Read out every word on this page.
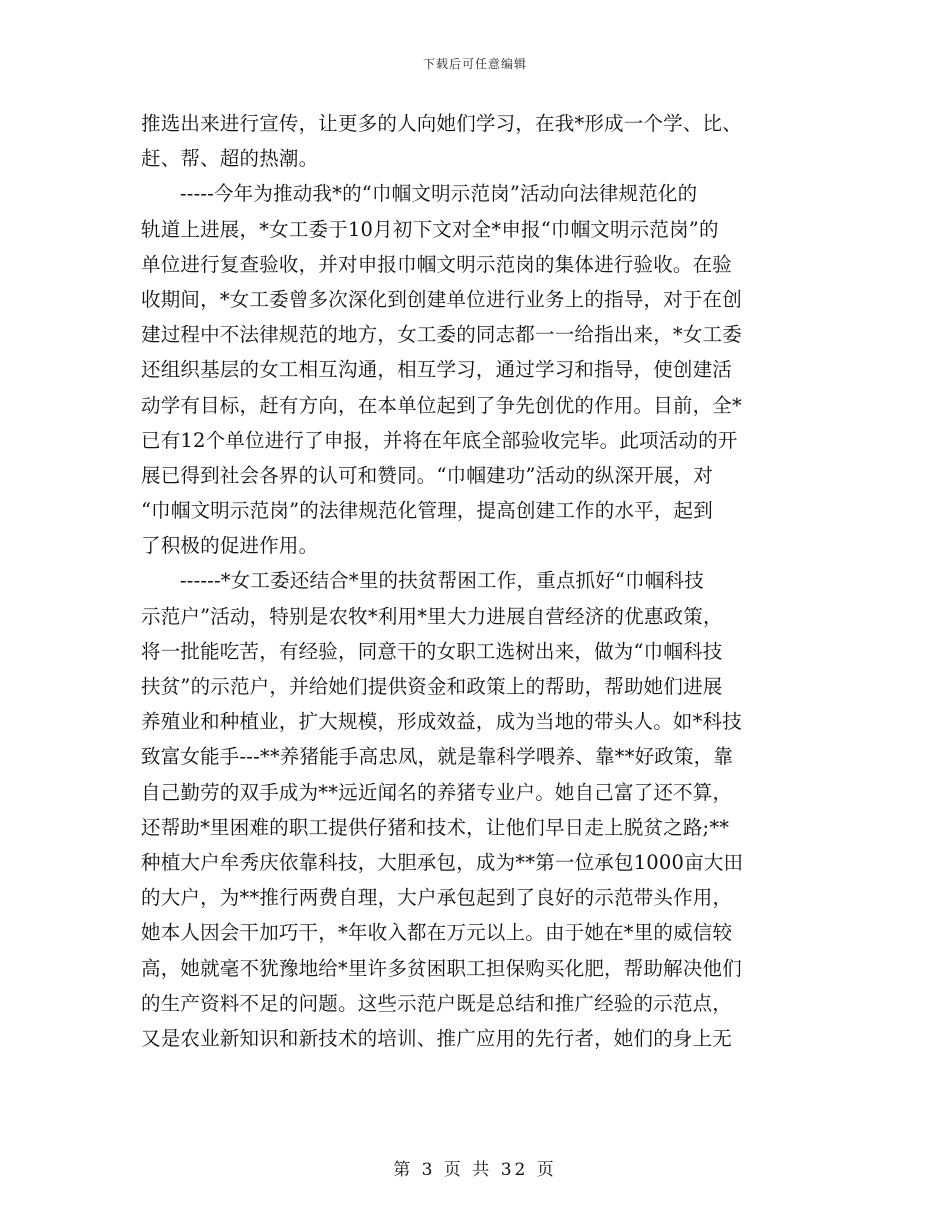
下载后可任意编辑
推选出来进行宣传，让更多的人向她们学习，在我*形成一个学、比、
赶、帮、超的热潮。
-----今年为推动我*的“巾帼文明示范岗”活动向法律规范化的
轨道上进展，*女工委于10月初下文对全*申报“巾帼文明示范岗”的
单位进行复查验收，并对申报巾帼文明示范岗的集体进行验收。在验
收期间，*女工委曾多次深化到创建单位进行业务上的指导，对于在创
建过程中不法律规范的地方，女工委的同志都一一给指出来，*女工委
还组织基层的女工相互沟通，相互学习，通过学习和指导，使创建活
动学有目标，赶有方向，在本单位起到了争先创优的作用。目前，全*
已有12个单位进行了申报，并将在年底全部验收完毕。此项活动的开
展已得到社会各界的认可和赞同。“巾帼建功”活动的纵深开展，对
“巾帼文明示范岗”的法律规范化管理，提高创建工作的水平，起到
了积极的促进作用。
------*女工委还结合*里的扶贫帮困工作，重点抓好“巾帼科技
示范户”活动，特别是农牧*利用*里大力进展自营经济的优惠政策，
将一批能吃苦，有经验，同意干的女职工选树出来，做为“巾帼科技
扶贫”的示范户，并给她们提供资金和政策上的帮助，帮助她们进展
养殖业和种植业，扩大规模，形成效益，成为当地的带头人。如*科技
致富女能手---**养猪能手高忠凤，就是靠科学喂养、靠**好政策，靠
自己勤劳的双手成为**远近闻名的养猪专业户。她自己富了还不算，
还帮助*里困难的职工提供仔猪和技术，让他们早日走上脱贫之路;**
种植大户牟秀庆依靠科技，大胆承包，成为**第一位承包1000亩大田
的大户，为**推行两费自理，大户承包起到了良好的示范带头作用，
她本人因会干加巧干，*年收入都在万元以上。由于她在*里的威信较
高，她就毫不犹豫地给*里许多贫困职工担保购买化肥，帮助解决他们
的生产资料不足的问题。这些示范户既是总结和推广经验的示范点，
又是农业新知识和新技术的培训、推广应用的先行者，她们的身上无
第 3 页 共 32 页
